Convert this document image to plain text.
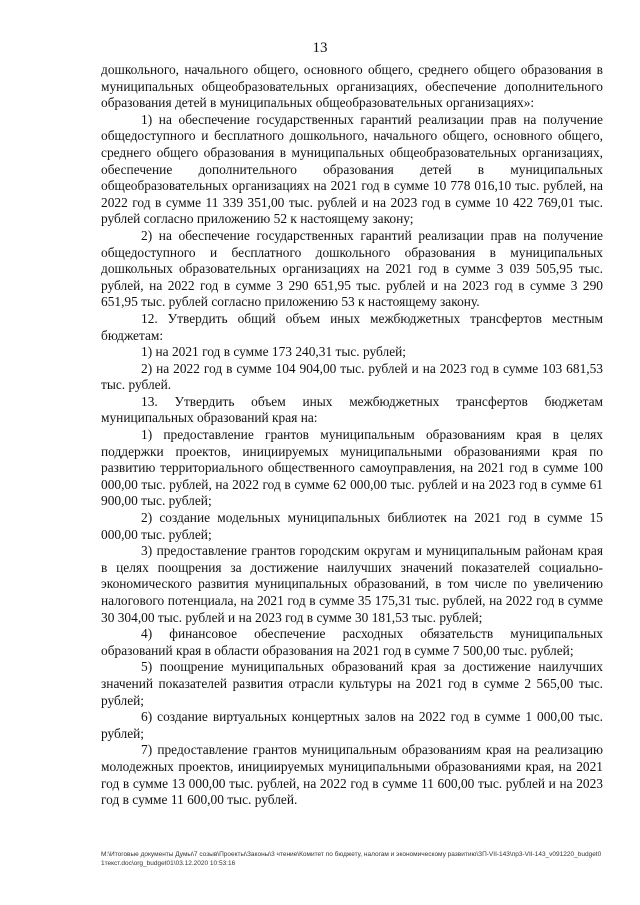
13

дошкольного, начального общего, основного общего, среднего общего образования в муниципальных общеобразовательных организациях, обеспечение дополнительного образования детей в муниципальных общеобразовательных организациях»:

1) на обеспечение государственных гарантий реализации прав на получение общедоступного и бесплатного дошкольного, начального общего, основного общего, среднего общего образования в муниципальных общеобразовательных организациях, обеспечение дополнительного образования детей в муниципальных общеобразовательных организациях на 2021 год в сумме 10 778 016,10 тыс. рублей, на 2022 год в сумме 11 339 351,00 тыс. рублей и на 2023 год в сумме 10 422 769,01 тыс. рублей согласно приложению 52 к настоящему закону;

2) на обеспечение государственных гарантий реализации прав на получение общедоступного и бесплатного дошкольного образования в муниципальных дошкольных образовательных организациях на 2021 год в сумме 3 039 505,95 тыс. рублей, на 2022 год в сумме 3 290 651,95 тыс. рублей и на 2023 год в сумме 3 290 651,95 тыс. рублей согласно приложению 53 к настоящему закону.

12. Утвердить общий объем иных межбюджетных трансфертов местным бюджетам:

1) на 2021 год в сумме 173 240,31 тыс. рублей;

2) на 2022 год в сумме 104 904,00 тыс. рублей и на 2023 год в сумме 103 681,53 тыс. рублей.

13. Утвердить объем иных межбюджетных трансфертов бюджетам муниципальных образований края на:

1) предоставление грантов муниципальным образованиям края в целях поддержки проектов, инициируемых муниципальными образованиями края по развитию территориального общественного самоуправления, на 2021 год в сумме 100 000,00 тыс. рублей, на 2022 год в сумме 62 000,00 тыс. рублей и на 2023 год в сумме 61 900,00 тыс. рублей;

2) создание модельных муниципальных библиотек на 2021 год в сумме 15 000,00 тыс. рублей;

3) предоставление грантов городским округам и муниципальным районам края в целях поощрения за достижение наилучших значений показателей социально-экономического развития муниципальных образований, в том числе по увеличению налогового потенциала, на 2021 год в сумме 35 175,31 тыс. рублей, на 2022 год в сумме 30 304,00 тыс. рублей и на 2023 год в сумме 30 181,53 тыс. рублей;

4) финансовое обеспечение расходных обязательств муниципальных образований края в области образования на 2021 год в сумме 7 500,00 тыс. рублей;

5) поощрение муниципальных образований края за достижение наилучших значений показателей развития отрасли культуры на 2021 год в сумме 2 565,00 тыс. рублей;

6) создание виртуальных концертных залов на 2022 год в сумме 1 000,00 тыс. рублей;

7) предоставление грантов муниципальным образованиям края на реализацию молодежных проектов, инициируемых муниципальными образованиями края, на 2021 год в сумме 13 000,00 тыс. рублей, на 2022 год в сумме 11 600,00 тыс. рублей и на 2023 год в сумме 11 600,00 тыс. рублей.

М:\Итоговые документы Думы\7 созыв\Проекты\Законы\3 чтение\Комитет по бюджету, налогам и экономическому развитию\ЗП-VII-143\пр3-VII-143_v091220_budget01текст.doc\org_budget01\03.12.2020 10:53:16
